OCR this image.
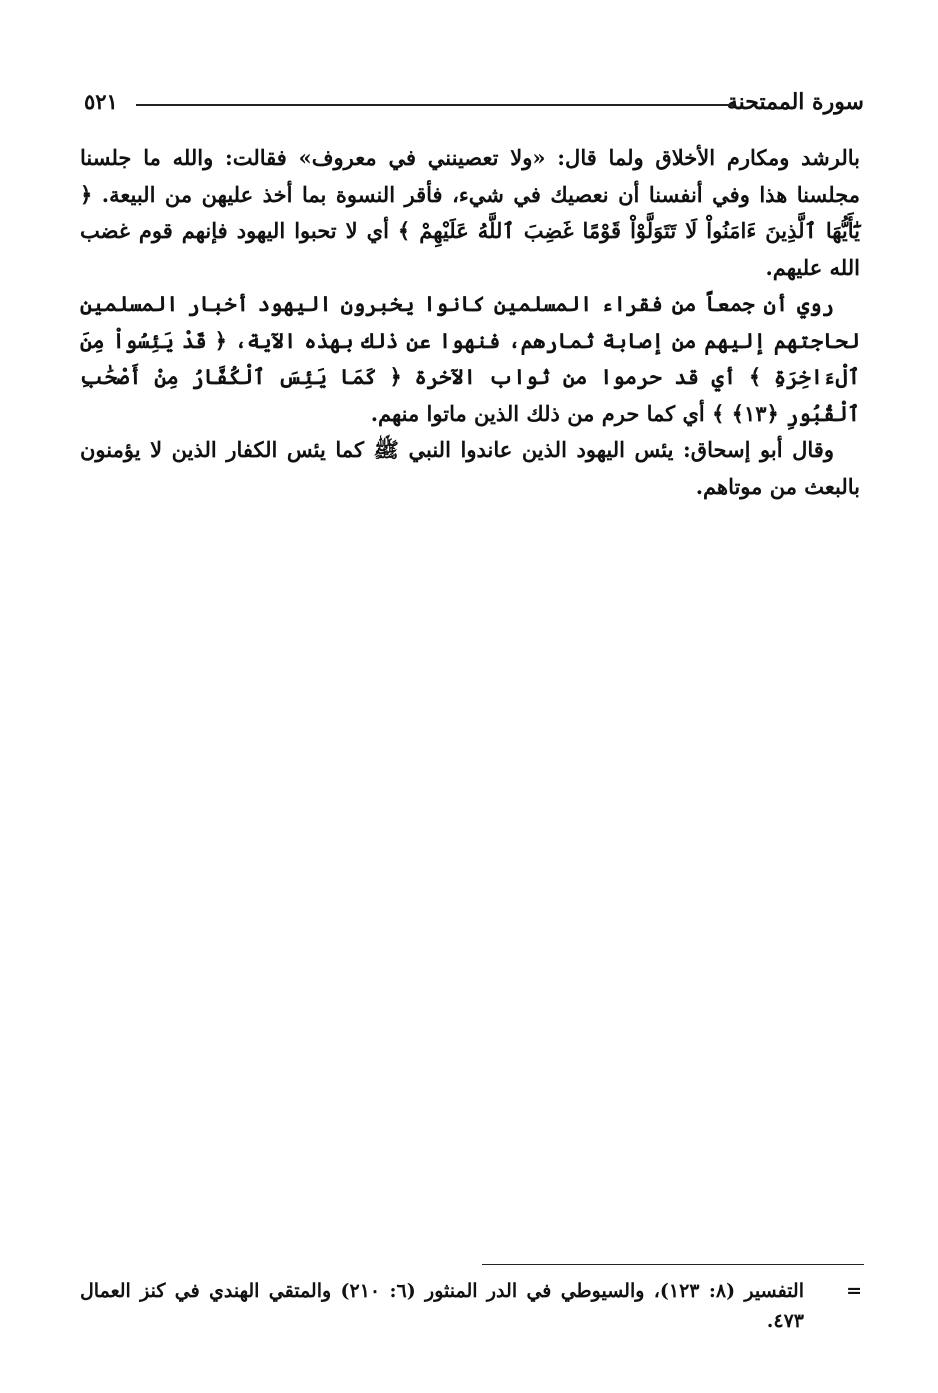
سورة الممتحنة
٥٢١

بالرشد ومكارم الأخلاق ولما قال: «ولا تعصينني في معروف» فقالت: والله ما جلسنا مجلسنا هذا وفي أنفسنا أن نعصيك في شيء، فأقر النسوة بما أخذ عليهن من البيعة. ﴿ يَٰٓأَيُّهَا ٱلَّذِينَ ءَامَنُواْ لَا تَتَوَلَّوْاْ قَوْمًا غَضِبَ ٱللَّهُ عَلَيْهِمْ ﴾ أي لا تحبوا اليهود فإنهم قوم غضب الله عليهم.

روي أن جمعاً من فقراء المسلمين كانوا يخبرون اليهود أخبار المسلمين لحاجتهم إليهم من إصابة ثمارهم، فنهوا عن ذلك بهذه الآية، ﴿ قَدْ يَئِسُواْ مِنَ ٱلْءَاخِرَةِ ﴾ أي قد حرموا من ثواب الآخرة ﴿ كَمَا يَئِسَ ٱلْكُفَّارُ مِنْ أَصْحَٰبِ ٱلْقُبُورِ ﴿١٣﴾ ﴾ أي كما حرم من ذلك الذين ماتوا منهم.

وقال أبو إسحاق: يئس اليهود الذين عاندوا النبي ﷺ كما يئس الكفار الذين لا يؤمنون بالبعث من موتاهم.

=
التفسير (٨: ١٢٣)، والسيوطي في الدر المنثور (٦: ٢١٠) والمتقي الهندي في كنز العمال ٤٧٣.
